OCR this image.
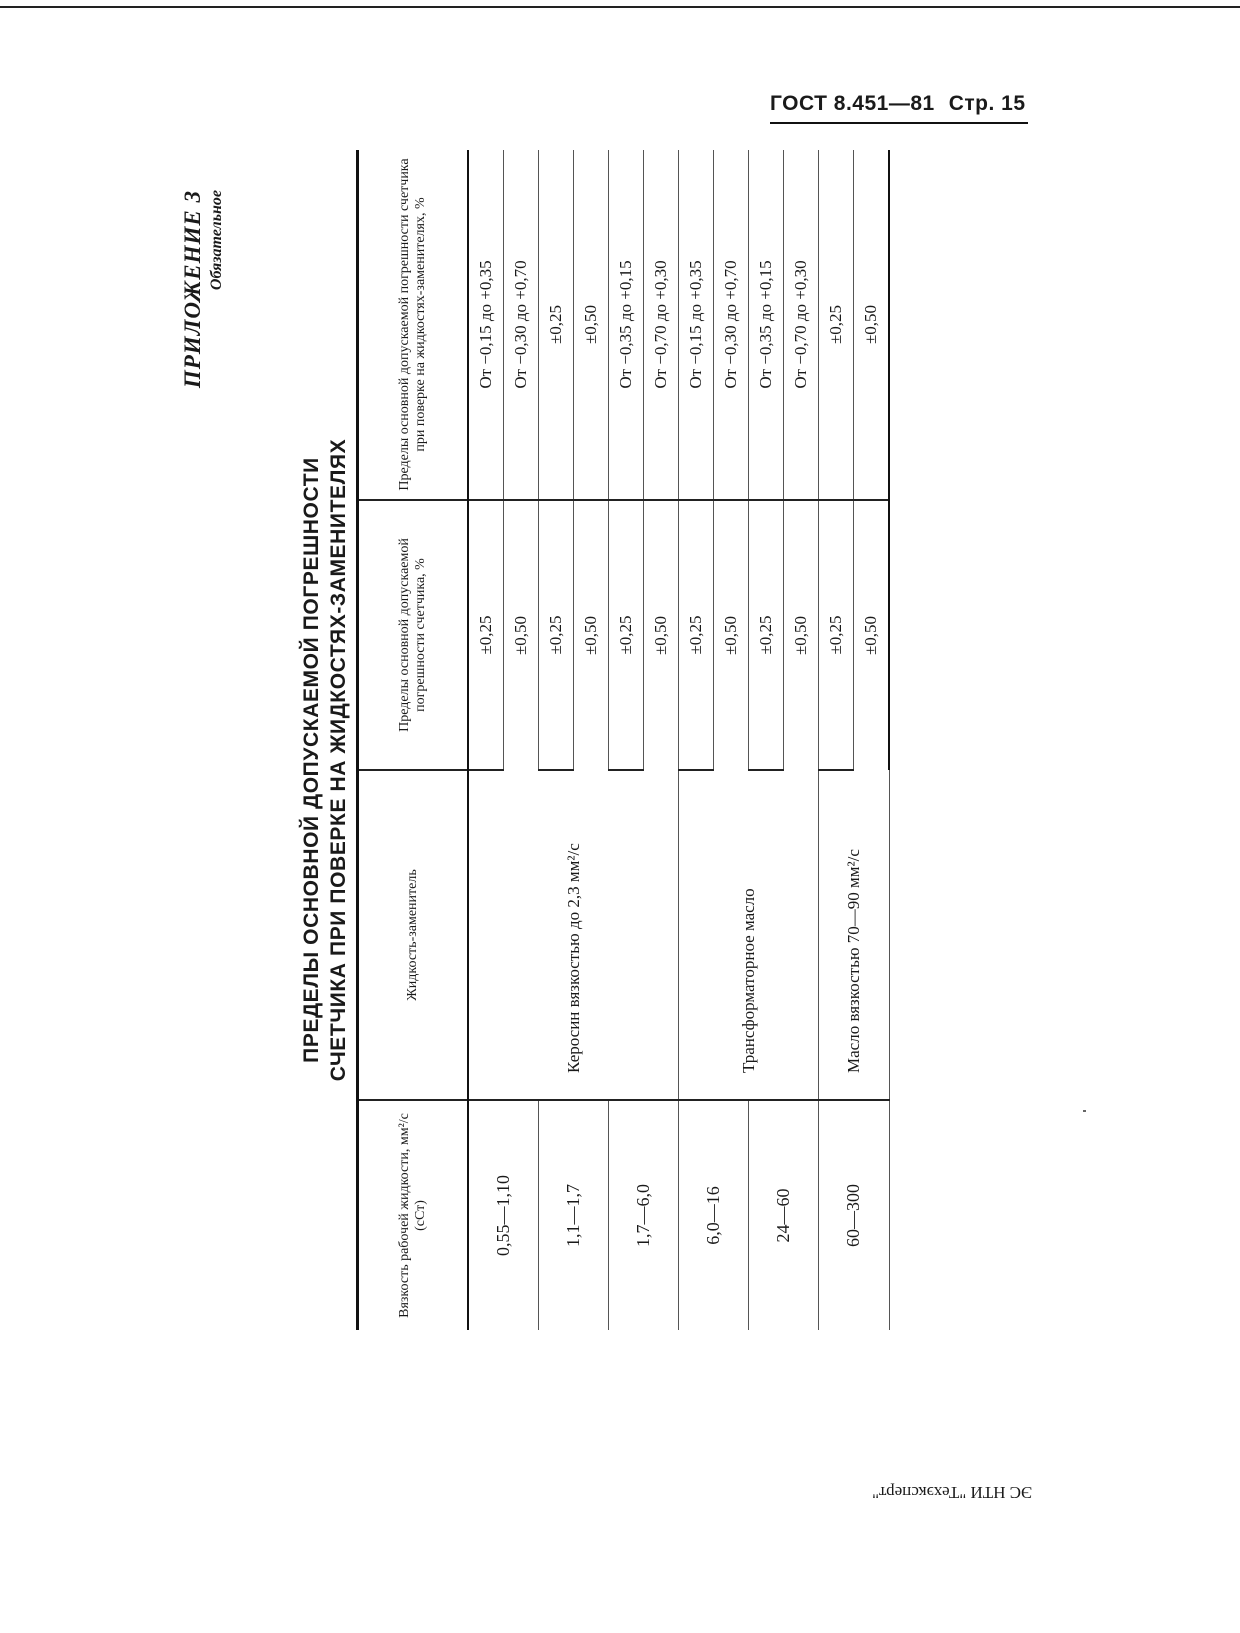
ГОСТ 8.451—81 Стр. 15
ПРИЛОЖЕНИЕ 3 Обязательное
ПРЕДЕЛЫ ОСНОВНОЙ ДОПУСКАЕМОЙ ПОГРЕШНОСТИ СЧЕТЧИКА ПРИ ПОВЕРКЕ НА ЖИДКОСТЯХ-ЗАМЕНИТЕЛЯХ
Вязкость рабочей жидкости, мм²/с (сСт)	Жидкость-заменитель	Пределы основной допускаемой погрешности счетчика, %	Пределы основной допускаемой погрешности счетчика при поверке на жидкостях-заменителях, %
0,55—1,10	Керосин вязкостью до 2,3 мм²/с	±0,25	От −0,15 до +0,35
		±0,50	От −0,30 до +0,70
1,1—1,7		±0,25	±0,25
		±0,50	±0,50
1,7—6,0		±0,25	От −0,35 до +0,15
		±0,50	От −0,70 до +0,30
6,0—16	Трансформаторное масло	±0,25	От −0,15 до +0,35
		±0,50	От −0,30 до +0,70
24—60		±0,25	От −0,35 до +0,15
		±0,50	От −0,70 до +0,30
60—300	Масло вязкостью 70—90 мм²/с	±0,25	±0,25
		±0,50	±0,50
ЭС НТИ "Техэксперт"
